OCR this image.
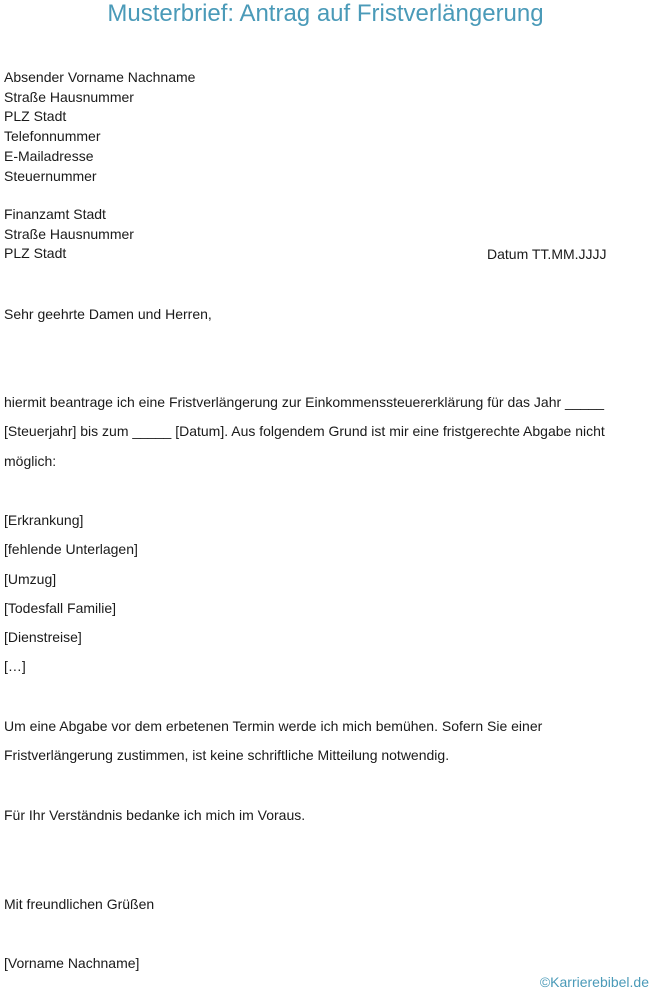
Musterbrief: Antrag auf Fristverlängerung
Absender Vorname Nachname
Straße Hausnummer
PLZ Stadt
Telefonnummer
E-Mailadresse
Steuernummer
Finanzamt Stadt
Straße Hausnummer
PLZ Stadt	Datum TT.MM.JJJJ
Sehr geehrte Damen und Herren,
hiermit beantrage ich eine Fristverlängerung zur Einkommenssteuererklärung für das Jahr _____
[Steuerjahr] bis zum _____ [Datum]. Aus folgendem Grund ist mir eine fristgerechte Abgabe nicht
möglich:
[Erkrankung]
[fehlende Unterlagen]
[Umzug]
[Todesfall Familie]
[Dienstreise]
[…]
Um eine Abgabe vor dem erbetenen Termin werde ich mich bemühen. Sofern Sie einer
Fristverlängerung zustimmen, ist keine schriftliche Mitteilung notwendig.
Für Ihr Verständnis bedanke ich mich im Voraus.
Mit freundlichen Grüßen
[Vorname Nachname]
©Karrierebibel.de
